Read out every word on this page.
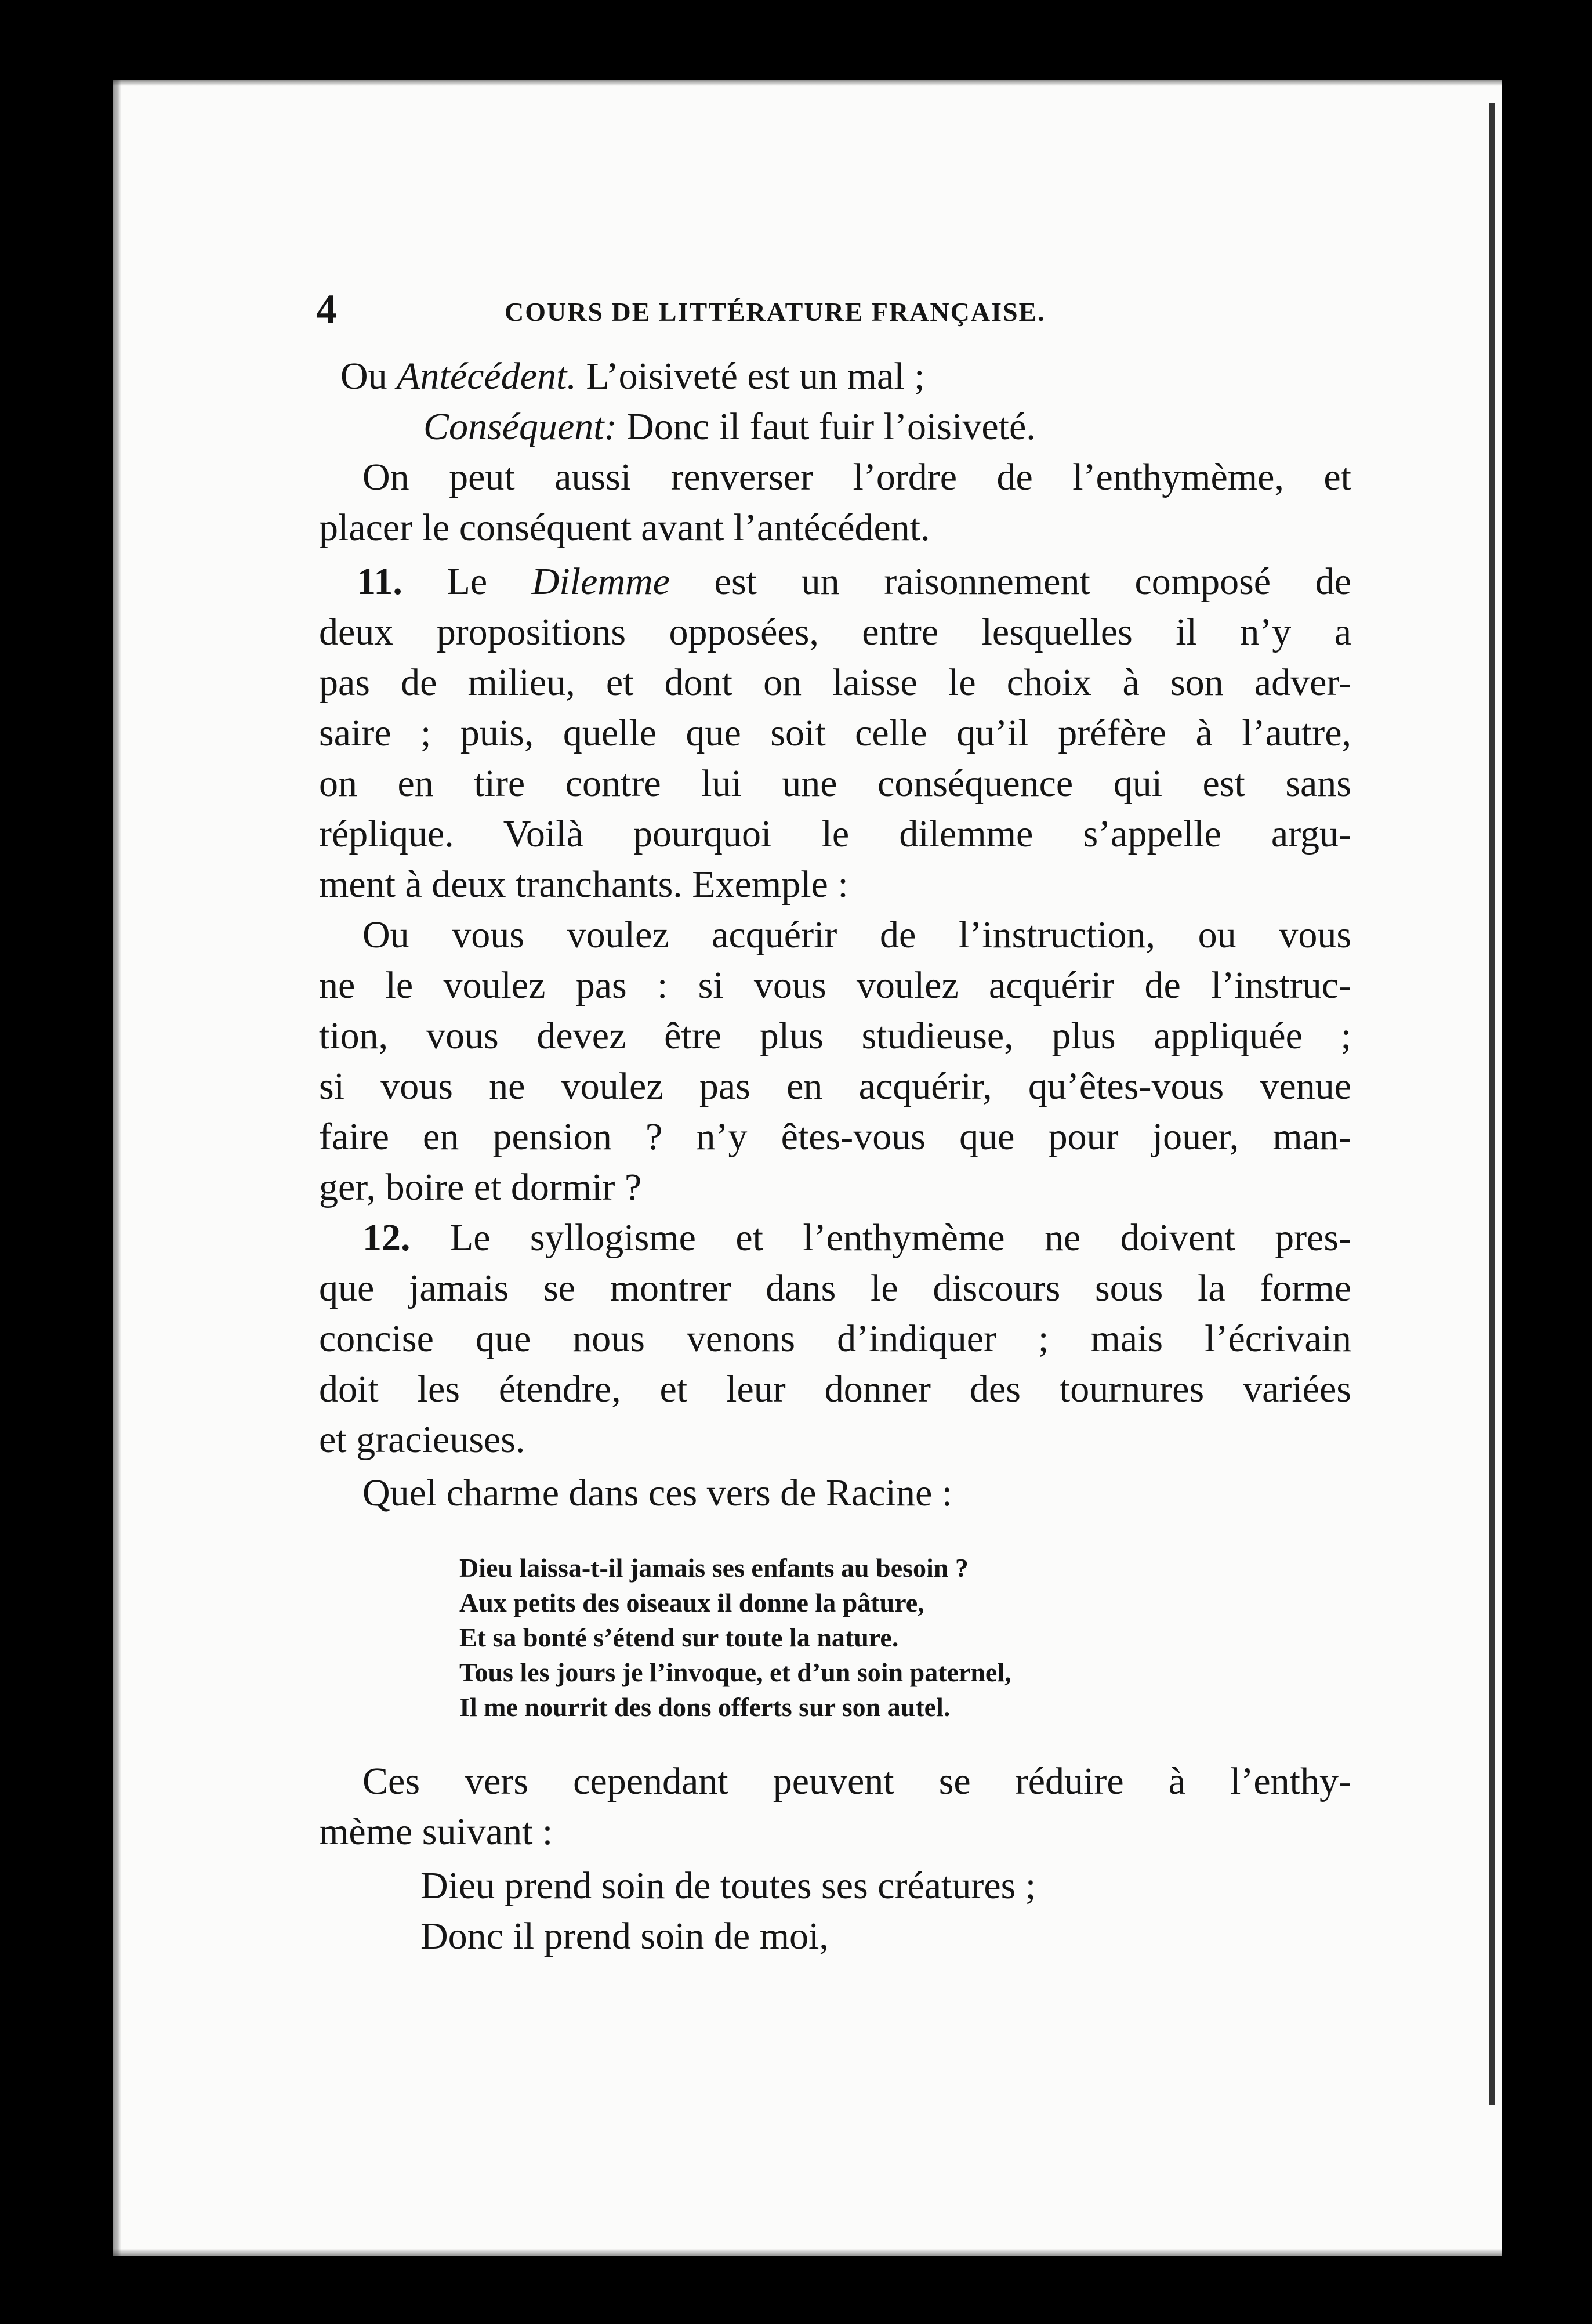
4	COURS DE LITTÉRATURE FRANÇAISE.
Ou Antécédent. L’oisiveté est un mal ;
Conséquent: Donc il faut fuir l’oisiveté.
On peut aussi renverser l’ordre de l’enthymème, et
placer le conséquent avant l’antécédent.
11. Le Dilemme est un raisonnement composé de
deux propositions opposées, entre lesquelles il n’y a
pas de milieu, et dont on laisse le choix à son adver-
saire ; puis, quelle que soit celle qu’il préfère à l’autre,
on en tire contre lui une conséquence qui est sans
réplique. Voilà pourquoi le dilemme s’appelle argu-
ment à deux tranchants. Exemple :
Ou vous voulez acquérir de l’instruction, ou vous
ne le voulez pas : si vous voulez acquérir de l’instruc-
tion, vous devez être plus studieuse, plus appliquée ;
si vous ne voulez pas en acquérir, qu’êtes-vous venue
faire en pension ? n’y êtes-vous que pour jouer, man-
ger, boire et dormir ?
12. Le syllogisme et l’enthymème ne doivent pres-
que jamais se montrer dans le discours sous la forme
concise que nous venons d’indiquer ; mais l’écrivain
doit les étendre, et leur donner des tournures variées
et gracieuses.
Quel charme dans ces vers de Racine :
Dieu laissa-t-il jamais ses enfants au besoin ?
Aux petits des oiseaux il donne la pâture,
Et sa bonté s’étend sur toute la nature.
Tous les jours je l’invoque, et d’un soin paternel,
Il me nourrit des dons offerts sur son autel.
Ces vers cependant peuvent se réduire à l’enthy-
mème suivant :
Dieu prend soin de toutes ses créatures ;
Donc il prend soin de moi,
